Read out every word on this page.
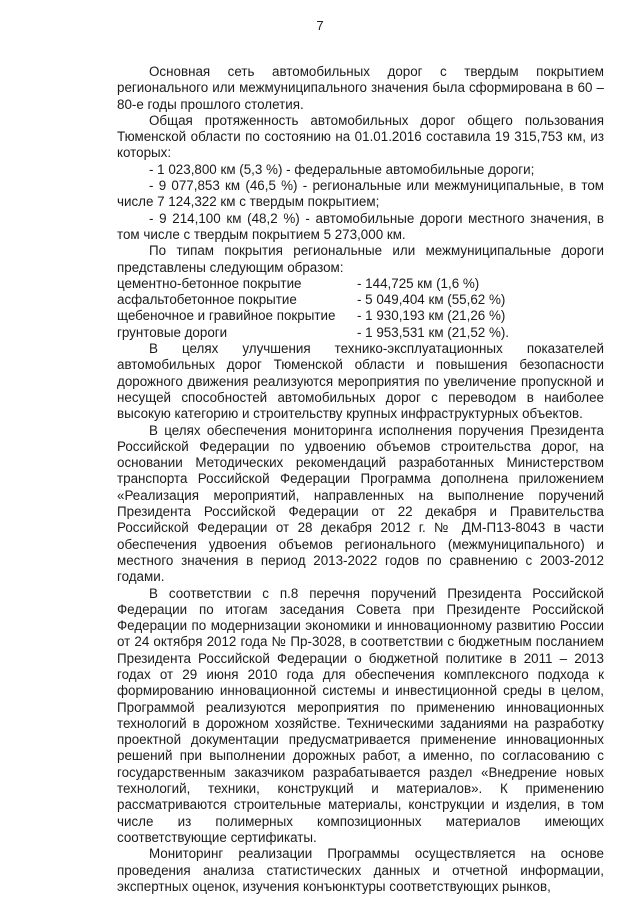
7

Основная сеть автомобильных дорог с твердым покрытием регионального или межмуниципального значения была сформирована в 60 – 80-е годы прошлого столетия.

Общая протяженность автомобильных дорог общего пользования Тюменской области по состоянию на 01.01.2016 составила 19 315,753 км, из которых:

- 1 023,800 км (5,3 %) - федеральные автомобильные дороги;

- 9 077,853 км (46,5 %) - региональные или межмуниципальные, в том числе 7 124,322 км с твердым покрытием;

- 9 214,100 км (48,2 %) - автомобильные дороги местного значения, в том числе с твердым покрытием 5 273,000 км.

По типам покрытия региональные или межмуниципальные дороги представлены следующим образом:

цементно-бетонное покрытие	- 144,725 км (1,6 %)
асфальтобетонное покрытие	- 5 049,404 км (55,62 %)
щебеночное и гравийное покрытие	- 1 930,193 км (21,26 %)
грунтовые дороги	- 1 953,531 км (21,52 %).

В целях улучшения технико-эксплуатационных показателей автомобильных дорог Тюменской области и повышения безопасности дорожного движения реализуются мероприятия по увеличение пропускной и несущей способностей автомобильных дорог с переводом в наиболее высокую категорию и строительству крупных инфраструктурных объектов.

В целях обеспечения мониторинга исполнения поручения Президента Российской Федерации по удвоению объемов строительства дорог, на основании Методических рекомендаций разработанных Министерством транспорта Российской Федерации Программа дополнена приложением «Реализация мероприятий, направленных на выполнение поручений Президента Российской Федерации от 22 декабря и Правительства Российской Федерации от 28 декабря 2012 г. № ДМ-П13-8043 в части обеспечения удвоения объемов регионального (межмуниципального) и местного значения в период 2013-2022 годов по сравнению с 2003-2012 годами.

В соответствии с п.8 перечня поручений Президента Российской Федерации по итогам заседания Совета при Президенте Российской Федерации по модернизации экономики и инновационному развитию России от 24 октября 2012 года № Пр-3028, в соответствии с бюджетным посланием Президента Российской Федерации о бюджетной политике в 2011 – 2013 годах от 29 июня 2010 года для обеспечения комплексного подхода к формированию инновационной системы и инвестиционной среды в целом, Программой реализуются мероприятия по применению инновационных технологий в дорожном хозяйстве. Техническими заданиями на разработку проектной документации предусматривается применение инновационных решений при выполнении дорожных работ, а именно, по согласованию с государственным заказчиком разрабатывается раздел «Внедрение новых технологий, техники, конструкций и материалов». К применению рассматриваются строительные материалы, конструкции и изделия, в том числе из полимерных композиционных материалов имеющих соответствующие сертификаты.

Мониторинг реализации Программы осуществляется на основе проведения анализа статистических данных и отчетной информации, экспертных оценок, изучения конъюнктуры соответствующих рынков,
